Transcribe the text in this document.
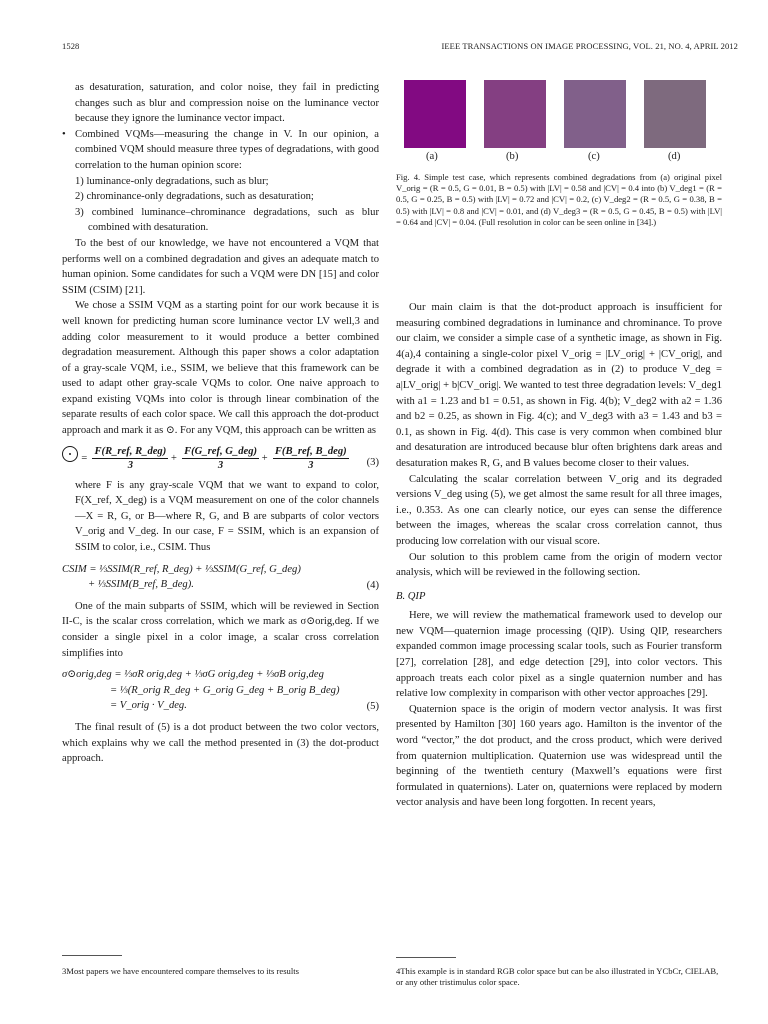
1528	IEEE TRANSACTIONS ON IMAGE PROCESSING, VOL. 21, NO. 4, APRIL 2012

as desaturation, saturation, and color noise, they fail in predicting changes such as blur and compression noise on the luminance vector because they ignore the luminance vector impact.

• Combined VQMs—measuring the change in V. In our opinion, a combined VQM should measure three types of degradations, with good correlation to the human opinion score:
1) luminance-only degradations, such as blur;
2) chrominance-only degradations, such as desaturation;
3) combined luminance–chrominance degradations, such as blur combined with desaturation.

To the best of our knowledge, we have not encountered a VQM that performs well on a combined degradation and gives an adequate match to human opinion. Some candidates for such a VQM were DN [15] and color SSIM (CSIM) [21].

We chose a SSIM VQM as a starting point for our work because it is well known for predicting human score luminance vector LV well,3 and adding color measurement to it would produce a better combined degradation measurement. Although this paper shows a color adaptation of a gray-scale VQM, i.e., SSIM, we believe that this framework can be used to adapt other gray-scale VQMs to color. One naive approach to expand existing VQMs into color is through linear combination of the separate results of each color space. We call this approach the dot-product approach and mark it as ⊙. For any VQM, this approach can be written as

= $\frac{\text{F(R\_ref, R\_deg)}}{3} + \frac{\text{F(G\_ref, G\_deg)}}{3} + \frac{\text{F(B\_ref, B\_deg)}}{3} (3)$

where F is any gray-scale VQM that we want to expand to color, F(X_ref, X_deg) is a VQM measurement on one of the color channels—X = R, G, or B—where R, G, and B are subparts of color vectors V_orig and V_deg. In our case, F = SSIM, which is an expansion of SSIM to color, i.e., CSIM. Thus

CSIM = ⅓SSIM(R_ref, R_deg) + ⅓SSIM(G_ref, G_deg)
+ ⅓SSIM(B_ref, B_deg).	(4)

One of the main subparts of SSIM, which will be reviewed in Section II-C, is the scalar cross correlation, which we mark as σ⊙orig,deg. If we consider a single pixel in a color image, a scalar cross correlation simplifies into

σ⊙orig,deg = ⅓σR orig,deg + ⅓σG orig,deg + ⅓σB orig,deg
= ⅓(R_orig R_deg + G_orig G_deg + B_orig B_deg)
= V_orig · V_deg.	(5)

The final result of (5) is a dot product between the two color vectors, which explains why we call the method presented in (3) the dot-product approach.

(a)	(b)	(c)	(d)
Fig. 4. Simple test case, which represents combined degradations from (a) original pixel V_orig = (R = 0.5, G = 0.01, B = 0.5) with |LV| = 0.58 and |CV| = 0.4 into (b) V_deg1 = (R = 0.5, G = 0.25, B = 0.5) with |LV| = 0.72 and |CV| = 0.2, (c) V_deg2 = (R = 0.5, G = 0.38, B = 0.5) with |LV| = 0.8 and |CV| = 0.01, and (d) V_deg3 = (R = 0.5, G = 0.45, B = 0.5) with |LV| = 0.64 and |CV| = 0.04. (Full resolution in color can be seen online in [34].)

Our main claim is that the dot-product approach is insufficient for measuring combined degradations in luminance and chrominance. To prove our claim, we consider a simple case of a synthetic image, as shown in Fig. 4(a),4 containing a single-color pixel V_orig = |LV_orig| + |CV_orig|, and degrade it with a combined degradation as in (2) to produce V_deg = a|LV_orig| + b|CV_orig|. We wanted to test three degradation levels: V_deg1 with a1 = 1.23 and b1 = 0.51, as shown in Fig. 4(b); V_deg2 with a2 = 1.36 and b2 = 0.25, as shown in Fig. 4(c); and V_deg3 with a3 = 1.43 and b3 = 0.1, as shown in Fig. 4(d). This case is very common when combined blur and desaturation are introduced because blur often brightens dark areas and desaturation makes R, G, and B values become closer to their values.

Calculating the scalar correlation between V_orig and its degraded versions V_deg using (5), we get almost the same result for all three images, i.e., 0.353. As one can clearly notice, our eyes can sense the difference between the images, whereas the scalar cross correlation cannot, thus producing low correlation with our visual score.

Our solution to this problem came from the origin of modern vector analysis, which will be reviewed in the following section.

B. QIP

Here, we will review the mathematical framework used to develop our new VQM—quaternion image processing (QIP). Using QIP, researchers expanded common image processing scalar tools, such as Fourier transform [27], correlation [28], and edge detection [29], into color vectors. This approach treats each color pixel as a single quaternion number and has relative low complexity in comparison with other vector approaches [29].

Quaternion space is the origin of modern vector analysis. It was first presented by Hamilton [30] 160 years ago. Hamilton is the inventor of the word “vector,” the dot product, and the cross product, which were derived from quaternion multiplication. Quaternion use was widespread until the beginning of the twentieth century (Maxwell’s equations were first formulated in quaternions). Later on, quaternions were replaced by modern vector analysis and have been long forgotten. In recent years,

3Most papers we have encountered compare themselves to its results	4This example is in standard RGB color space but can be also illustrated in YCbCr, CIELAB, or any other tristimulus color space.
